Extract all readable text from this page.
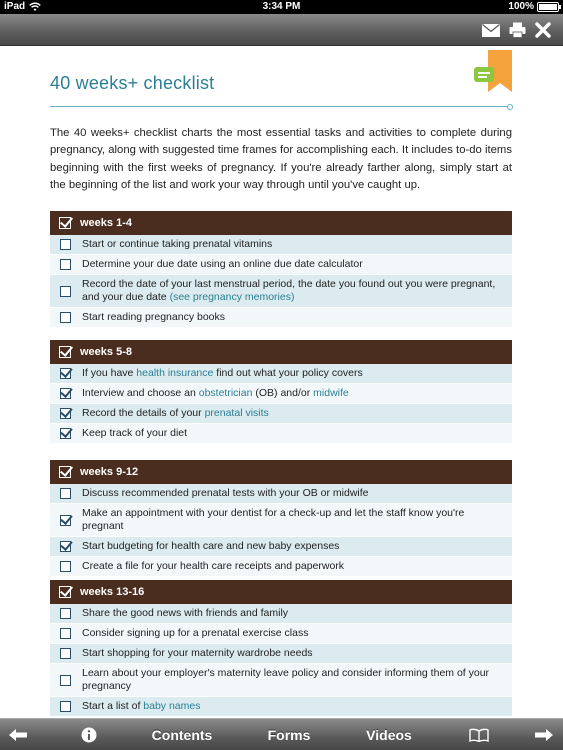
iPad	3:34 PM	100%
40 weeks+ checklist

The 40 weeks+ checklist charts the most essential tasks and activities to complete during pregnancy, along with suggested time frames for accomplishing each. It includes to-do items beginning with the first weeks of pregnancy. If you're already farther along, simply start at the beginning of the list and work your way through until you've caught up.

weeks 1-4
Start or continue taking prenatal vitamins
Determine your due date using an online due date calculator
Record the date of your last menstrual period, the date you found out you were pregnant, and your due date (see pregnancy memories)
Start reading pregnancy books
weeks 5-8
If you have health insurance find out what your policy covers
Interview and choose an obstetrician (OB) and/or midwife
Record the details of your prenatal visits
Keep track of your diet
weeks 9-12
Discuss recommended prenatal tests with your OB or midwife
Make an appointment with your dentist for a check-up and let the staff know you're pregnant
Start budgeting for health care and new baby expenses
Create a file for your health care receipts and paperwork
weeks 13-16
Share the good news with friends and family
Consider signing up for a prenatal exercise class
Start shopping for your maternity wardrobe needs
Learn about your employer's maternity leave policy and consider informing them of your pregnancy
Start a list of baby names
Contents	Forms	Videos
